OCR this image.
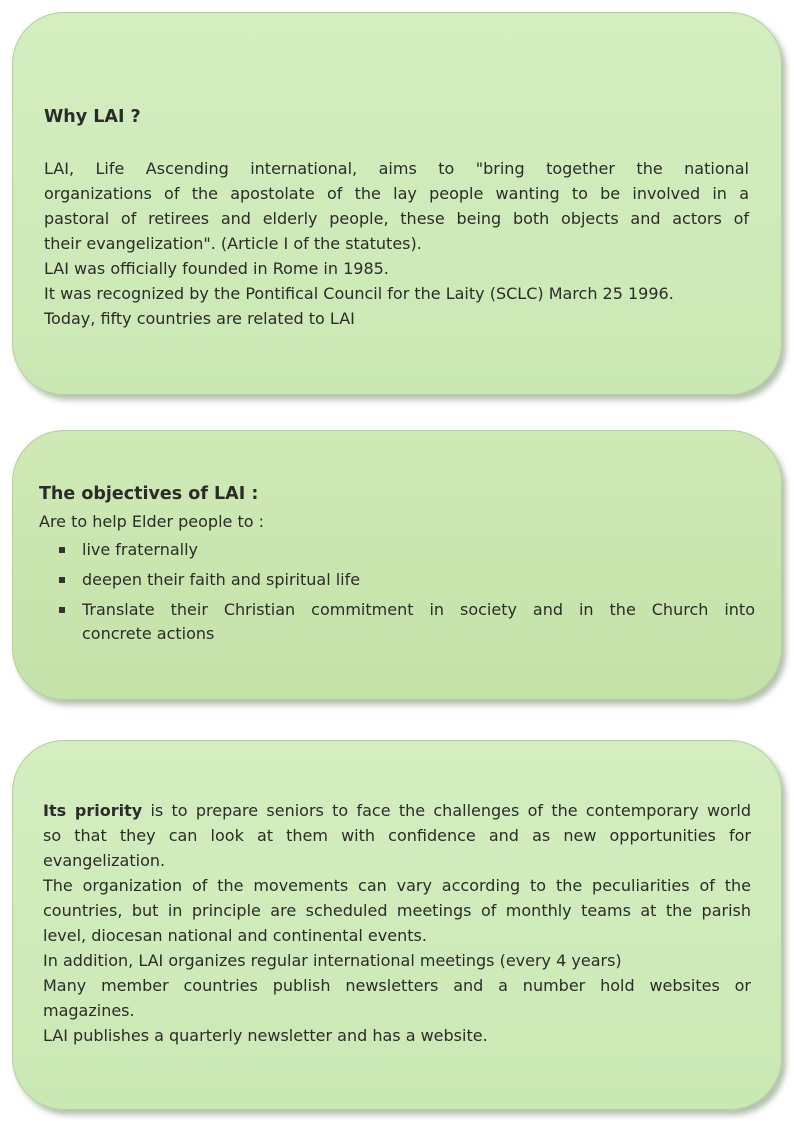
Why LAI ?

LAI, Life Ascending international, aims to "bring together the national
organizations of the apostolate of the lay people wanting to be involved in a
pastoral of retirees and elderly people, these being both objects and actors of
their evangelization". (Article I of the statutes).
LAI was officially founded in Rome in 1985.
It was recognized by the Pontifical Council for the Laity (SCLC) March 25 1996.
Today, fifty countries are related to LAI

The objectives of LAI :

Are to help Elder people to :

live fraternally
deepen their faith and spiritual life
Translate their Christian commitment in society and in the Church into
concrete actions

Its priority is to prepare seniors to face the challenges of the contemporary world
so that they can look at them with confidence and as new opportunities for
evangelization.
The organization of the movements can vary according to the peculiarities of the
countries, but in principle are scheduled meetings of monthly teams at the parish
level, diocesan national and continental events.
In addition, LAI organizes regular international meetings (every 4 years)
Many member countries publish newsletters and a number hold websites or
magazines.
LAI publishes a quarterly newsletter and has a website.
